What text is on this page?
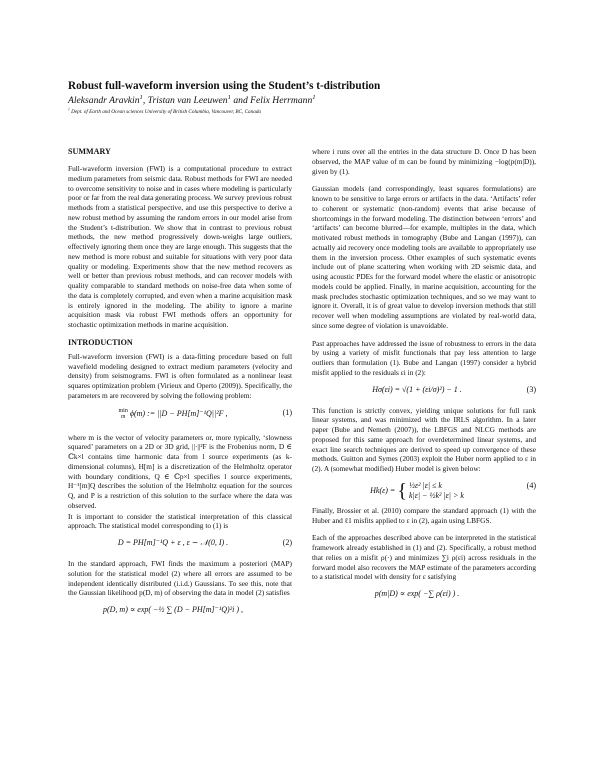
Robust full-waveform inversion using the Student’s t-distribution
Aleksandr Aravkin$^1$, Tristan van Leeuwen$^1$ and Felix Herrmann$^1$
$^1$ Dept. of Earth and Ocean sciences University of British Columbia, Vancouver, BC, Canada
SUMMARY

Full-waveform inversion (FWI) is a computational procedure to extract medium parameters from seismic data. Robust methods for FWI are needed to overcome sensitivity to noise and in cases where modeling is particularly poor or far from the real data generating process. We survey previous robust methods from a statistical perspective, and use this perspective to derive a new robust method by assuming the random errors in our model arise from the Student’s t-distribution. We show that in contrast to previous robust methods, the new method progressively down-weighs large outliers, effectively ignoring them once they are large enough. This suggests that the new method is more robust and suitable for situations with very poor data quality or modeling. Experiments show that the new method recovers as well or better than previous robust methods, and can recover models with quality comparable to standard methods on noise-free data when some of the data is completely corrupted, and even when a marine acquisition mask is entirely ignored in the modeling. The ability to ignore a marine acquisition mask via robust FWI methods offers an opportunity for stochastic optimization methods in marine acquisition.

INTRODUCTION

Full-waveform inversion (FWI) is a data-fitting procedure based on full wavefield modeling designed to extract medium parameters (velocity and density) from seismograms. FWI is often formulated as a nonlinear least squares optimization problem (Virieux and Operto (2009)). Specifically, the parameters m are recovered by solving the following problem:

min
m ϕ(m) := ||D − PH[m]⁻¹Q||²F ,	(1)

where m is the vector of velocity parameters or, more typically, ‘slowness squared’ parameters on a 2D or 3D grid, ||·||²F is the Frobenius norm, D ∈ ℂk×l contains time harmonic data from l source experiments (as k-dimensional columns), H[m] is a discretization of the Helmholtz operator with boundary conditions, Q ∈ ℂp×l specifies l source experiments, H⁻¹[m]Q describes the solution of the Helmholtz equation for the sources Q, and P is a restriction of this solution to the surface where the data was observed.

It is important to consider the statistical interpretation of this classical approach. The statistical model corresponding to (1) is

D = PH[m]⁻¹Q + ε , ε ∼ 𝒩(0, I) .	(2)

In the standard approach, FWI finds the maximum a posteriori (MAP) solution for the statistical model (2) where all errors are assumed to be independent identically distributed (i.i.d.) Gaussians. To see this, note that the Gaussian likelihood p(D, m) of observing the data in model (2) satisfies

p(D, m) ∝ exp( −½ ∑ (D − PH[m]⁻¹Q)²i ) ,

where i runs over all the entries in the data structure D. Once D has been observed, the MAP value of m can be found by minimizing −log(p(m|D)), given by (1).

Gaussian models (and correspondingly, least squares formulations) are known to be sensitive to large errors or artifacts in the data. ‘Artifacts’ refer to coherent or systematic (non-random) events that arise because of shortcomings in the forward modeling. The distinction between ‘errors’ and ‘artifacts’ can become blurred—for example, multiples in the data, which motivated robust methods in tomography (Bube and Langan (1997)), can actually aid recovery once modeling tools are available to appropriately use them in the inversion process. Other examples of such systematic events include out of plane scattering when working with 2D seismic data, and using acoustic PDEs for the forward model where the elastic or anisotropic models could be applied. Finally, in marine acquisition, accounting for the mask precludes stochastic optimization techniques, and so we may want to ignore it. Overall, it is of great value to develop inversion methods that still recover well when modeling assumptions are violated by real-world data, since some degree of violation is unavoidable.

Past approaches have addressed the issue of robustness to errors in the data by using a variety of misfit functionals that pay less attention to large outliers than formulation (1). Bube and Langan (1997) consider a hybrid misfit applied to the residuals εi in (2):

Hσ(εi) = √(1 + (εi/σ)²) − 1 .	(3)

This function is strictly convex, yielding unique solutions for full rank linear systems, and was minimized with the IRLS algorithm. In a later paper (Bube and Nemeth (2007)), the LBFGS and NLCG methods are proposed for this same approach for overdetermined linear systems, and exact line search techniques are derived to speed up convergence of these methods. Guitton and Symes (2003) exploit the Huber norm applied to ε in (2). A (somewhat modified) Huber model is given below:

Hk(ε) = { ½ε² |ε| ≤ k
k|ε| − ½k² |ε| > k
(4)

Finally, Brossier et al. (2010) compare the standard approach (1) with the Huber and ℓ1 misfits applied to ε in (2), again using LBFGS.

Each of the approaches described above can be interpreted in the statistical framework already established in (1) and (2). Specifically, a robust method that relies on a misfit ρ(·) and minimizes ∑i ρ(εi) across residuals in the forward model also recovers the MAP estimate of the parameters according to a statistical model with density for ε satisfying

p(m|D) ∝ exp( −∑ ρ(εi) ) .
